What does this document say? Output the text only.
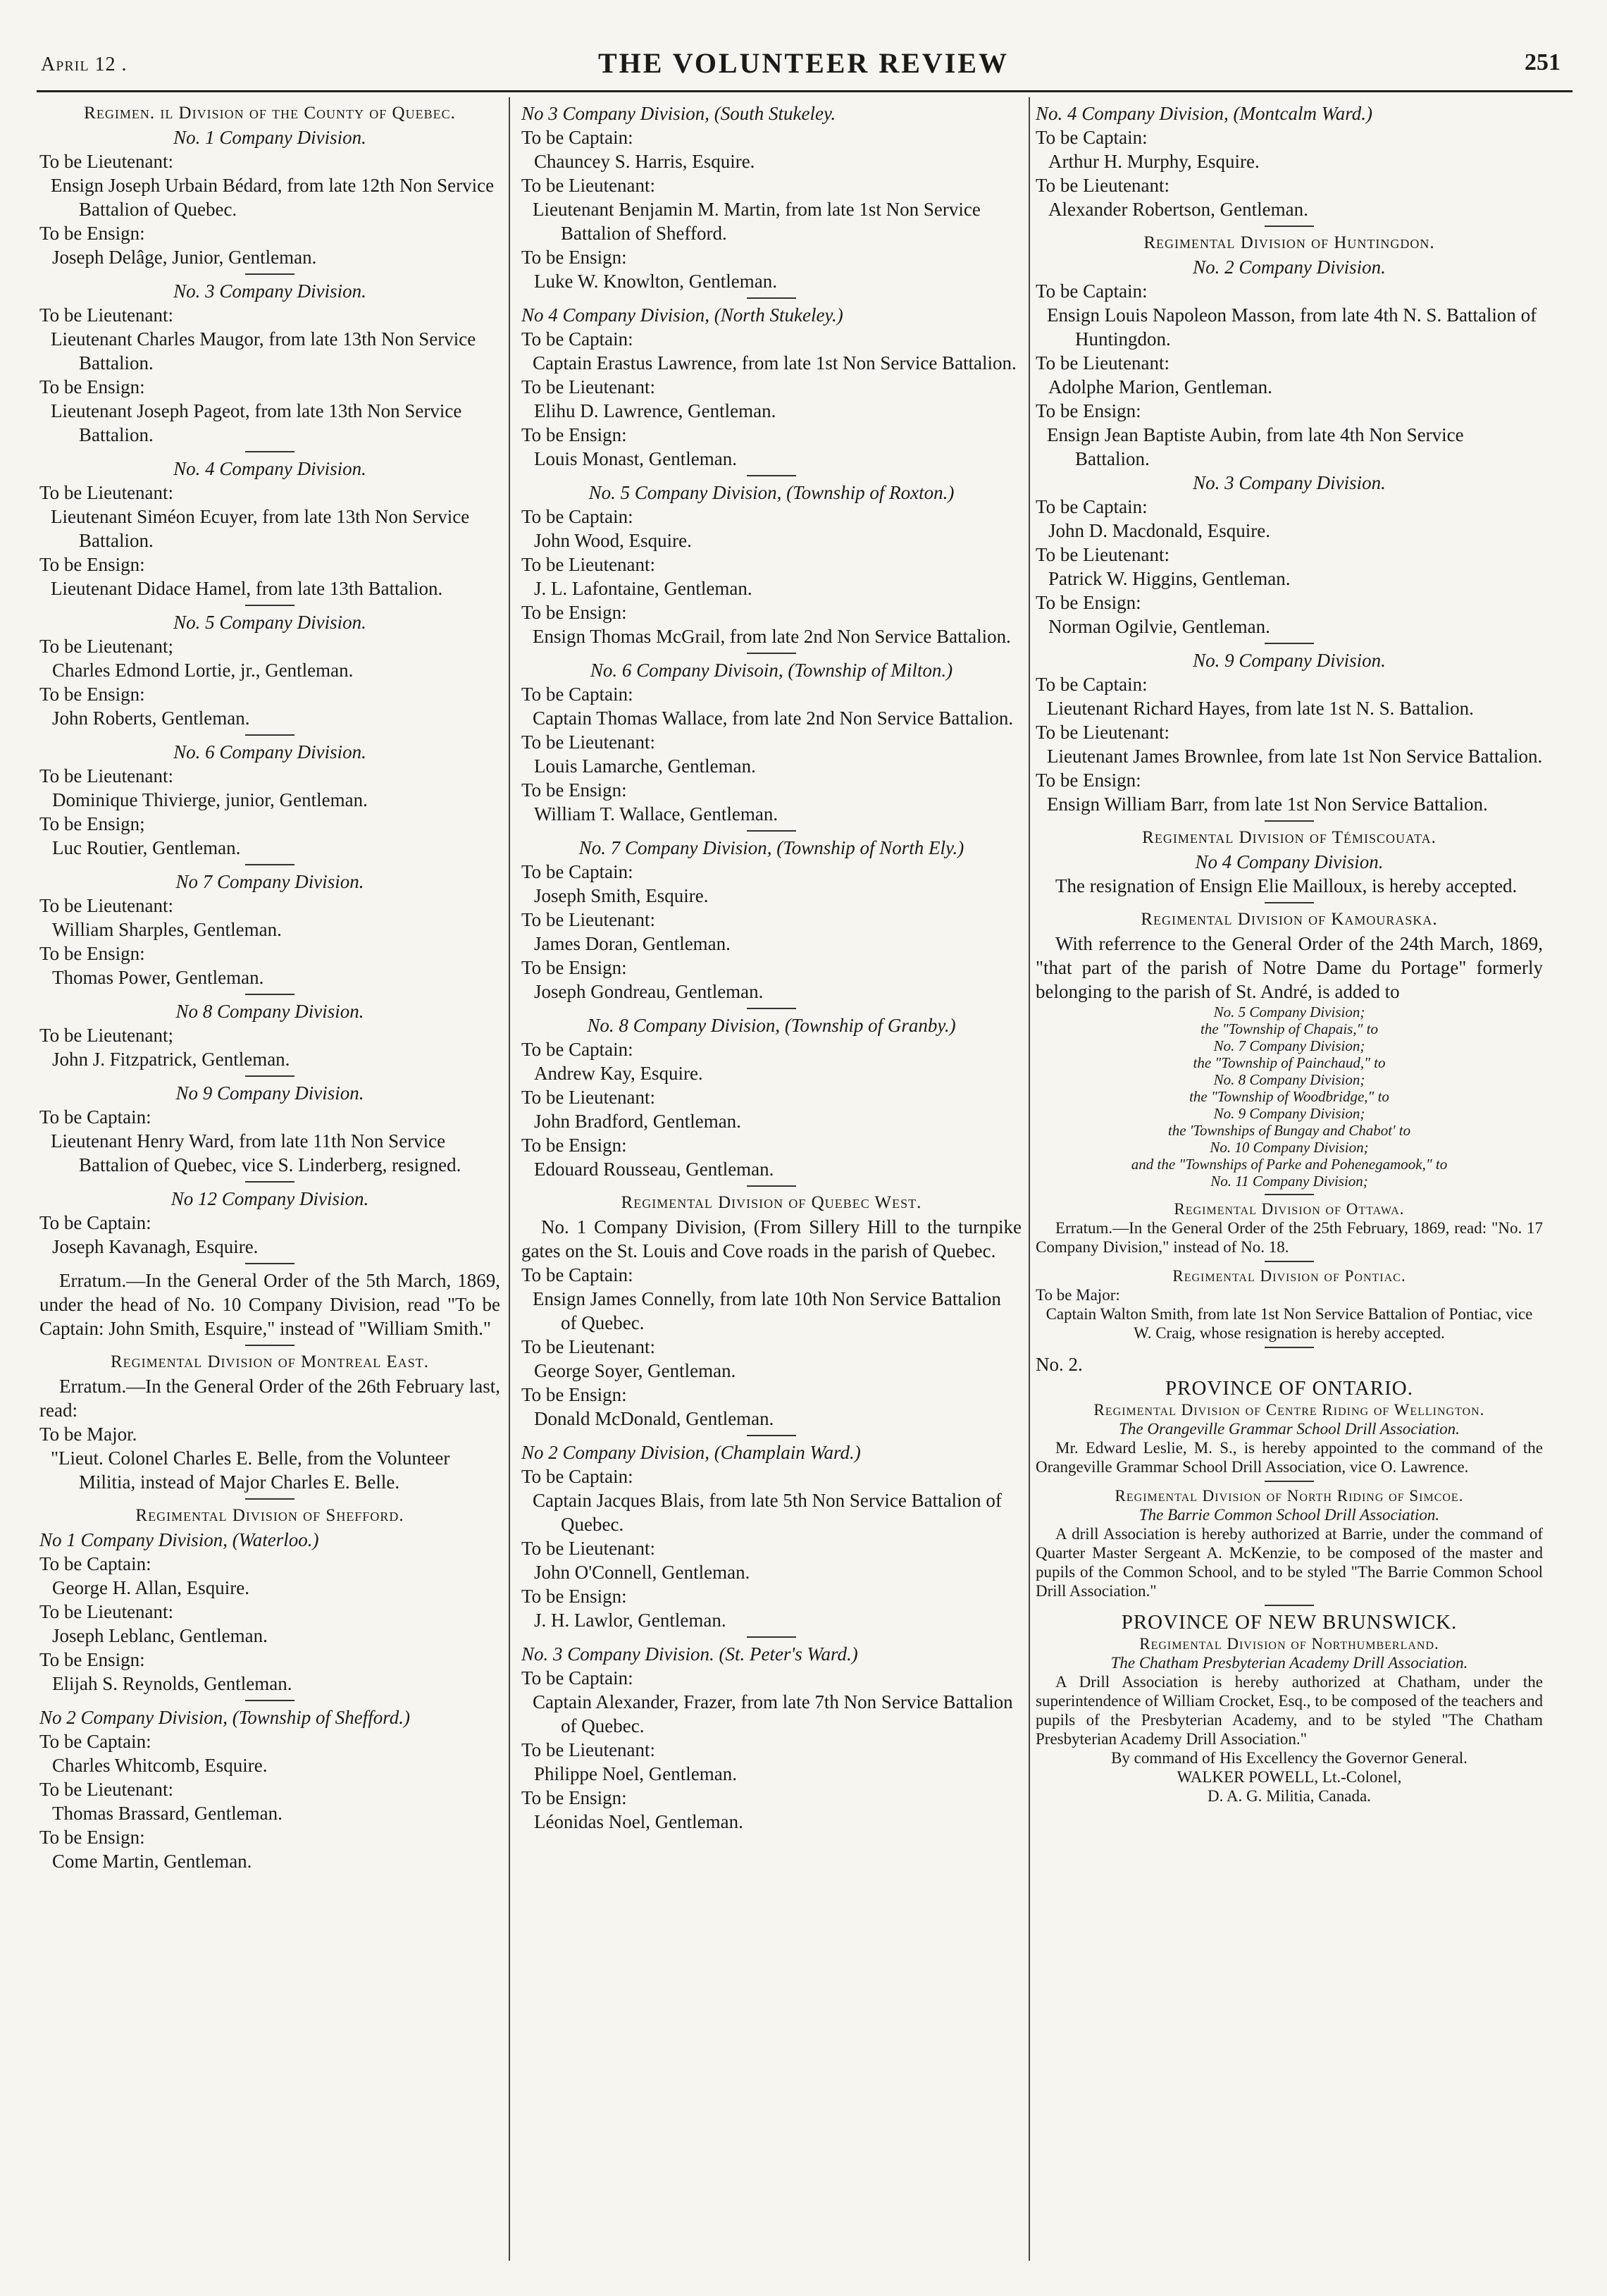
April 12 .	THE VOLUNTEER REVIEW	251
Regimen. il Division of the County of Quebec.
No. 1 Company Division.
To be Lieutenant:
Ensign Joseph Urbain Bédard, from late 12th Non Service Battalion of Quebec.
To be Ensign:
Joseph Delâge, Junior, Gentleman.
No. 3 Company Division.
To be Lieutenant:
Lieutenant Charles Maugor, from late 13th Non Service Battalion.
To be Ensign:
Lieutenant Joseph Pageot, from late 13th Non Service Battalion.
No. 4 Company Division.
To be Lieutenant:
Lieutenant Siméon Ecuyer, from late 13th Non Service Battalion.
To be Ensign:
Lieutenant Didace Hamel, from late 13th Battalion.
No. 5 Company Division.
To be Lieutenant;
Charles Edmond Lortie, jr., Gentleman.
To be Ensign:
John Roberts, Gentleman.
No. 6 Company Division.
To be Lieutenant:
Dominique Thivierge, junior, Gentleman.
To be Ensign;
Luc Routier, Gentleman.
No 7 Company Division.
To be Lieutenant:
William Sharples, Gentleman.
To be Ensign:
Thomas Power, Gentleman.
No 8 Company Division.
To be Lieutenant;
John J. Fitzpatrick, Gentleman.
No 9 Company Division.
To be Captain:
Lieutenant Henry Ward, from late 11th Non Service Battalion of Quebec, vice S. Linderberg, resigned.
No 12 Company Division.
To be Captain:
Joseph Kavanagh, Esquire.
Erratum.—In the General Order of the 5th March, 1869, under the head of No. 10 Company Division, read "To be Captain: John Smith, Esquire," instead of "William Smith."
Regimental Division of Montreal East.
Erratum.—In the General Order of the 26th February last, read:
To be Major.
"Lieut. Colonel Charles E. Belle, from the Volunteer Militia, instead of Major Charles E. Belle.
Regimental Division of Shefford.
No 1 Company Division, (Waterloo.)
To be Captain:
George H. Allan, Esquire.
To be Lieutenant:
Joseph Leblanc, Gentleman.
To be Ensign:
Elijah S. Reynolds, Gentleman.
No 2 Company Division, (Township of Shefford.)
To be Captain:
Charles Whitcomb, Esquire.
To be Lieutenant:
Thomas Brassard, Gentleman.
To be Ensign:
Come Martin, Gentleman.
No 3 Company Division, (South Stukeley.
To be Captain:
Chauncey S. Harris, Esquire.
To be Lieutenant:
Lieutenant Benjamin M. Martin, from late 1st Non Service Battalion of Shefford.
To be Ensign:
Luke W. Knowlton, Gentleman.
No 4 Company Division, (North Stukeley.)
To be Captain:
Captain Erastus Lawrence, from late 1st Non Service Battalion.
To be Lieutenant:
Elihu D. Lawrence, Gentleman.
To be Ensign:
Louis Monast, Gentleman.
No. 5 Company Division, (Township of Roxton.)
To be Captain:
John Wood, Esquire.
To be Lieutenant:
J. L. Lafontaine, Gentleman.
To be Ensign:
Ensign Thomas McGrail, from late 2nd Non Service Battalion.
No. 6 Company Divisoin, (Township of Milton.)
To be Captain:
Captain Thomas Wallace, from late 2nd Non Service Battalion.
To be Lieutenant:
Louis Lamarche, Gentleman.
To be Ensign:
William T. Wallace, Gentleman.
No. 7 Company Division, (Township of North Ely.)
To be Captain:
Joseph Smith, Esquire.
To be Lieutenant:
James Doran, Gentleman.
To be Ensign:
Joseph Gondreau, Gentleman.
No. 8 Company Division, (Township of Granby.)
To be Captain:
Andrew Kay, Esquire.
To be Lieutenant:
John Bradford, Gentleman.
To be Ensign:
Edouard Rousseau, Gentleman.
Regimental Division of Quebec West.
No. 1 Company Division, (From Sillery Hill to the turnpike gates on the St. Louis and Cove roads in the parish of Quebec.
To be Captain:
Ensign James Connelly, from late 10th Non Service Battalion of Quebec.
To be Lieutenant:
George Soyer, Gentleman.
To be Ensign:
Donald McDonald, Gentleman.
No 2 Company Division, (Champlain Ward.)
To be Captain:
Captain Jacques Blais, from late 5th Non Service Battalion of Quebec.
To be Lieutenant:
John O'Connell, Gentleman.
To be Ensign:
J. H. Lawlor, Gentleman.
No. 3 Company Division. (St. Peter's Ward.)
To be Captain:
Captain Alexander, Frazer, from late 7th Non Service Battalion of Quebec.
To be Lieutenant:
Philippe Noel, Gentleman.
To be Ensign:
Léonidas Noel, Gentleman.
No. 4 Company Division, (Montcalm Ward.)
To be Captain:
Arthur H. Murphy, Esquire.
To be Lieutenant:
Alexander Robertson, Gentleman.
Regimental Division of Huntingdon.
No. 2 Company Division.
To be Captain:
Ensign Louis Napoleon Masson, from late 4th N. S. Battalion of Huntingdon.
To be Lieutenant:
Adolphe Marion, Gentleman.
To be Ensign:
Ensign Jean Baptiste Aubin, from late 4th Non Service Battalion.
No. 3 Company Division.
To be Captain:
John D. Macdonald, Esquire.
To be Lieutenant:
Patrick W. Higgins, Gentleman.
To be Ensign:
Norman Ogilvie, Gentleman.
No. 9 Company Division.
To be Captain:
Lieutenant Richard Hayes, from late 1st N. S. Battalion.
To be Lieutenant:
Lieutenant James Brownlee, from late 1st Non Service Battalion.
To be Ensign:
Ensign William Barr, from late 1st Non Service Battalion.
Regimental Division of Témiscouata.
No 4 Company Division.
The resignation of Ensign Elie Mailloux, is hereby accepted.
Regimental Division of Kamouraska.
With referrence to the General Order of the 24th March, 1869, "that part of the parish of Notre Dame du Portage" formerly belonging to the parish of St. André, is added to
No. 5 Company Division;
the "Township of Chapais," to
No. 7 Company Division;
the "Township of Painchaud," to
No. 8 Company Division;
the "Township of Woodbridge," to
No. 9 Company Division;
the 'Townships of Bungay and Chabot' to
No. 10 Company Division;
and the "Townships of Parke and Pohenegamook," to
No. 11 Company Division;
Regimental Division of Ottawa.
Erratum.—In the General Order of the 25th February, 1869, read: "No. 17 Company Division," instead of No. 18.
Regimental Division of Pontiac.
To be Major:
Captain Walton Smith, from late 1st Non Service Battalion of Pontiac, vice W. Craig, whose resignation is hereby accepted.
No. 2.
PROVINCE OF ONTARIO.
Regimental Division of Centre Riding of Wellington.
The Orangeville Grammar School Drill Association.
Mr. Edward Leslie, M. S., is hereby appointed to the command of the Orangeville Grammar School Drill Association, vice O. Lawrence.
Regimental Division of North Riding of Simcoe.
The Barrie Common School Drill Association.
A drill Association is hereby authorized at Barrie, under the command of Quarter Master Sergeant A. McKenzie, to be composed of the master and pupils of the Common School, and to be styled "The Barrie Common School Drill Association."
PROVINCE OF NEW BRUNSWICK.
Regimental Division of Northumberland.
The Chatham Presbyterian Academy Drill Association.
A Drill Association is hereby authorized at Chatham, under the superintendence of William Crocket, Esq., to be composed of the teachers and pupils of the Presbyterian Academy, and to be styled "The Chatham Presbyterian Academy Drill Association."
By command of His Excellency the Governor General.
WALKER POWELL, Lt.-Colonel,
D. A. G. Militia, Canada.
